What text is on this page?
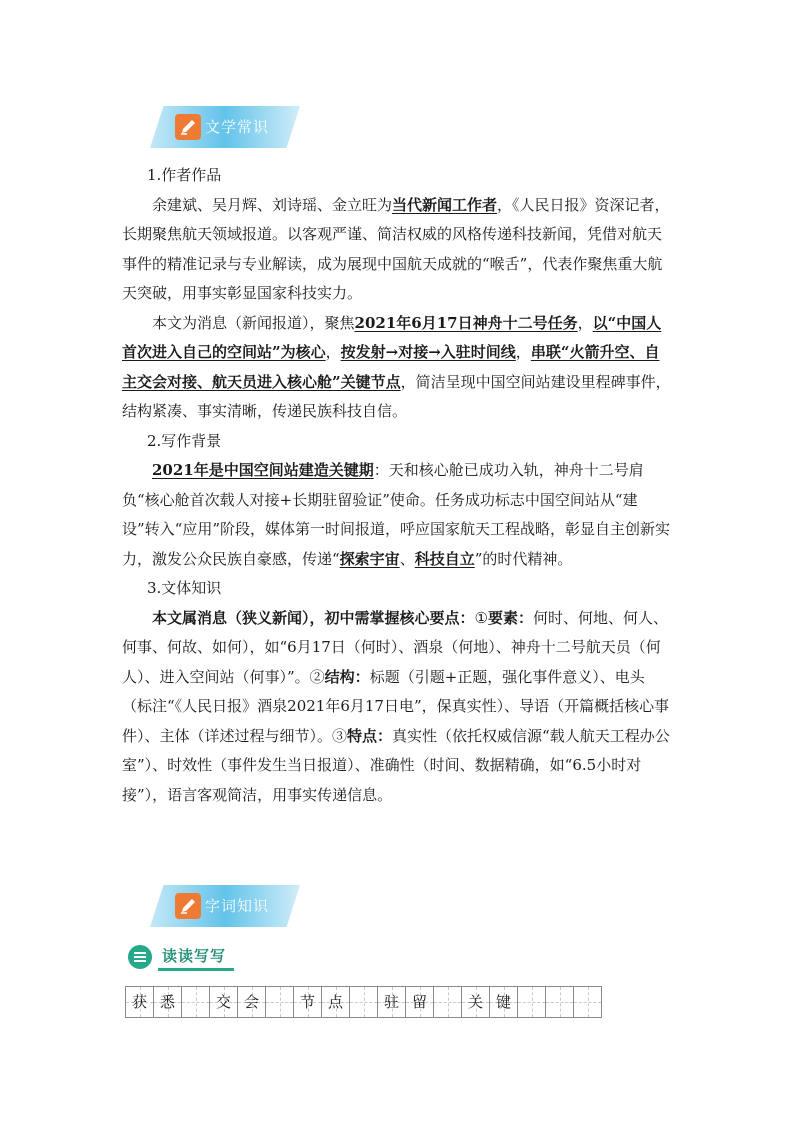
文学常识

1.作者作品

余建斌、吴月辉、刘诗瑶、金立旺为当代新闻工作者，《人民日报》资深记者，长期聚焦航天领域报道。以客观严谨、简洁权威的风格传递科技新闻，凭借对航天事件的精准记录与专业解读，成为展现中国航天成就的“喉舌”，代表作聚焦重大航天突破，用事实彰显国家科技实力。

本文为消息（新闻报道），聚焦2021年6月17日神舟十二号任务，以“中国人首次进入自己的空间站”为核心，按发射→对接→入驻时间线，串联“火箭升空、自主交会对接、航天员进入核心舱”关键节点，简洁呈现中国空间站建设里程碑事件，结构紧凑、事实清晰，传递民族科技自信。

2.写作背景

2021年是中国空间站建造关键期：天和核心舱已成功入轨，神舟十二号肩负“核心舱首次载人对接+长期驻留验证”使命。任务成功标志中国空间站从“建设”转入“应用”阶段，媒体第一时间报道，呼应国家航天工程战略，彰显自主创新实力，激发公众民族自豪感，传递“探索宇宙、科技自立”的时代精神。

3.文体知识

本文属消息（狭义新闻），初中需掌握核心要点：①要素：何时、何地、何人、何事、何故、如何），如“6月17日（何时）、酒泉（何地）、神舟十二号航天员（何人）、进入空间站（何事）”。②结构：标题（引题+正题，强化事件意义）、电头（标注“《人民日报》酒泉2021年6月17日电”，保真实性）、导语（开篇概括核心事件）、主体（详述过程与细节）。③特点：真实性（依托权威信源“载人航天工程办公室”）、时效性（事件发生当日报道）、准确性（时间、数据精确，如“6.5小时对接”），语言客观简洁，用事实传递信息。

字词知识
读读写写
获 悉	交 会	节 点	驻 留	关 键
